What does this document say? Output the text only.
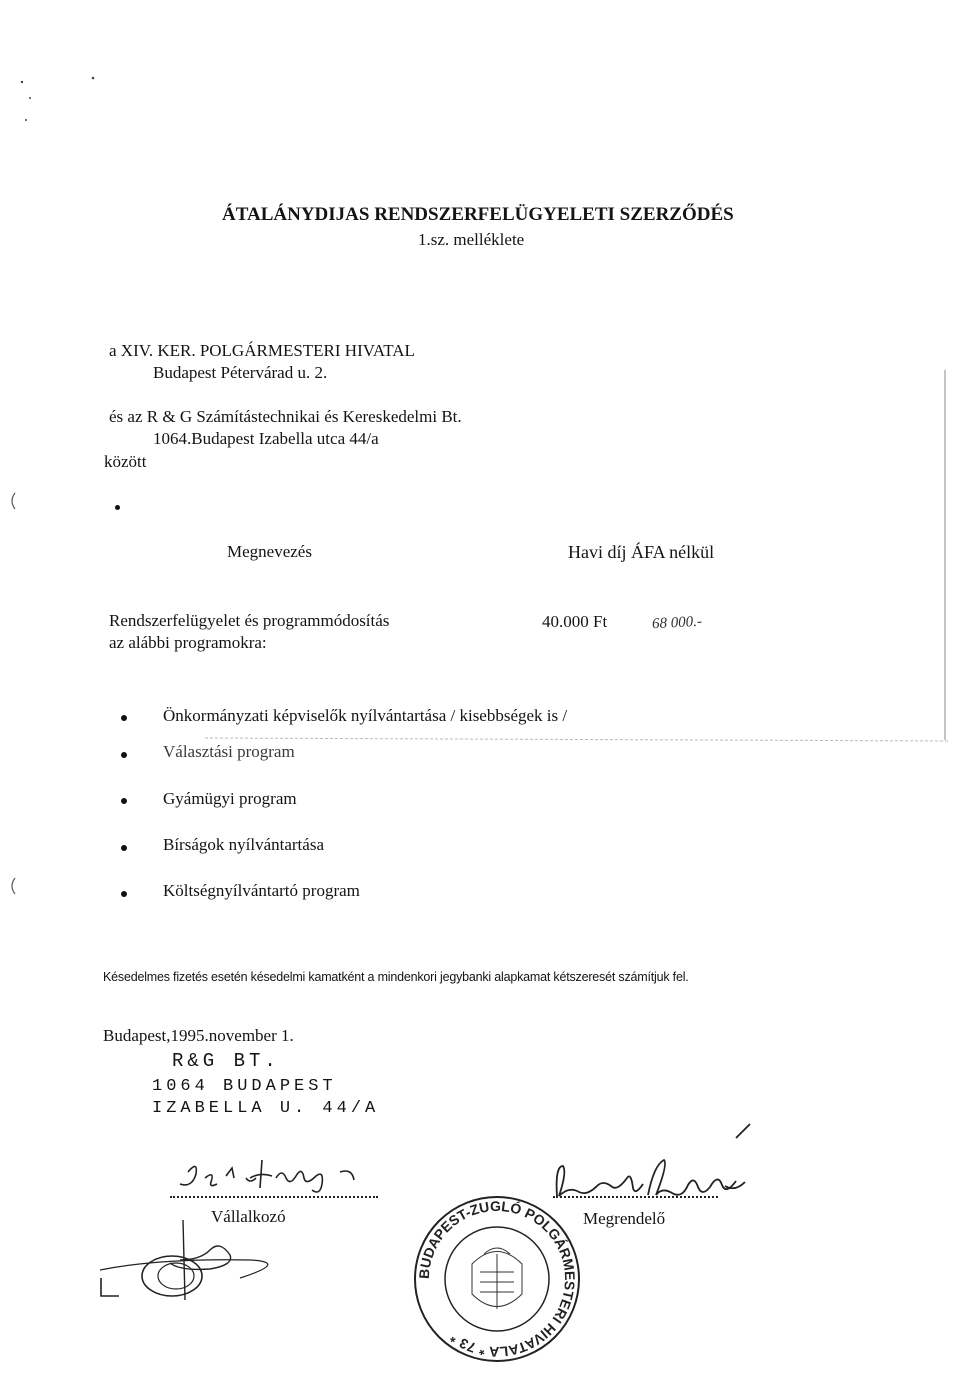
ÁTALÁNYDIJAS RENDSZERFELÜGYELETI SZERZŐDÉS
1.sz. melléklete
a XIV. KER. POLGÁRMESTERI HIVATAL
Budapest Pétervárad u. 2.
és az R & G Számítástechnikai és Kereskedelmi Bt.
1064.Budapest Izabella utca 44/a
között
Megnevezés	Havi díj ÁFA nélkül
Rendszerfelügyelet és programmódosítás
az alábbi programokra:
40.000 Ft	68 000.-
Önkormányzati képviselők nyílvántartása / kisebbségek is /
Választási program
Gyámügyi program
Bírságok nyílvántartása
Költségnyílvántartó program
Késedelmes fizetés esetén késedelmi kamatként a mindenkori jegybanki alapkamat kétszeresét számítjuk fel.
Budapest,1995.november 1.
R&G BT.
1064 BUDAPEST
IZABELLA U. 44/A
Vállalkozó	Megrendelő
BUDAPEST-ZUGLÓ POLGÁRMESTERI HIVATALA * 73 *
